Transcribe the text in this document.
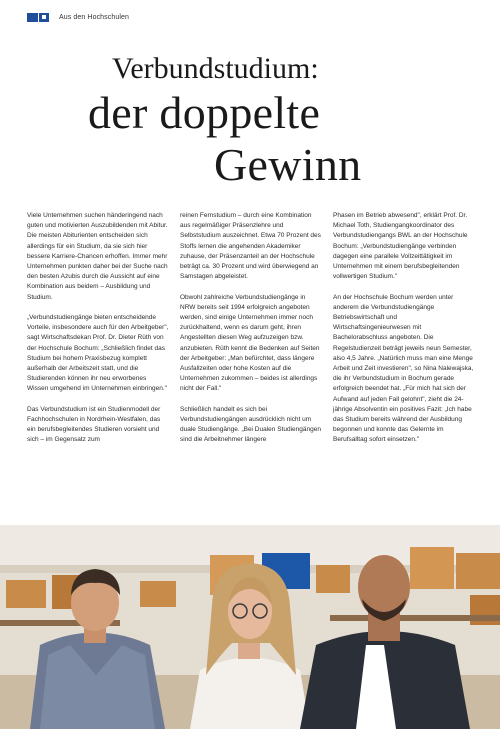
Aus den Hochschulen
Verbundstudium:
der doppelte
Gewinn

Viele Unternehmen suchen händeringend nach guten und motivierten Auszubildenden mit Abitur. Die meisten Abiturienten entscheiden sich allerdings für ein Studium, da sie sich hier bessere Karriere-Chancen erhoffen. Immer mehr Unternehmen punkten daher bei der Suche nach den besten Azubis durch die Aussicht auf eine Kombination aus beidem – Ausbildung und Studium.

„Verbundstudiengänge bieten entscheidende Vorteile, insbesondere auch für den Arbeitgeber", sagt Wirtschaftsdekan Prof. Dr. Dieter Rüth von der Hochschule Bochum: „Schließlich findet das Studium bei hohem Praxisbezug komplett außerhalb der Arbeitszeit statt, und die Studierenden können ihr neu erworbenes Wissen umgehend im Unternehmen einbringen."

Das Verbundstudium ist ein Studienmodell der Fachhochschulen in Nordrhein-Westfalen, das ein berufsbegleitendes Studieren vorsieht und sich – im Gegensatz zum

reinen Fernstudium – durch eine Kombination aus regelmäßiger Präsenzlehre und Selbststudium auszeichnet. Etwa 70 Prozent des Stoffs lernen die angehenden Akademiker zuhause, der Präsenzanteil an der Hochschule beträgt ca. 30 Prozent und wird überwiegend an Samstagen abgeleistet.

Obwohl zahlreiche Verbundstudiengänge in NRW bereits seit 1994 erfolgreich angeboten werden, sind einige Unternehmen immer noch zurückhaltend, wenn es darum geht, ihren Angestellten diesen Weg aufzuzeigen bzw. anzubieten. Rüth kennt die Bedenken auf Seiten der Arbeitgeber: „Man befürchtet, dass längere Ausfallzeiten oder hohe Kosten auf die Unternehmen zukommen – beides ist allerdings nicht der Fall."

Schließlich handelt es sich bei Verbundstudiengängen ausdrücklich nicht um duale Studiengänge. „Bei Dualen Studiengängen sind die Arbeitnehmer längere

Phasen im Betrieb abwesend", erklärt Prof. Dr. Michael Toth, Studiengangkoordinator des Verbundstudiengangs BWL an der Hochschule Bochum: „Verbundstudiengänge verbinden dagegen eine parallele Vollzeittätigkeit im Unternehmen mit einem berufsbegleitenden vollwertigen Studium."

An der Hochschule Bochum werden unter anderem die Verbundstudiengänge Betriebswirtschaft und Wirtschaftsingenieurwesen mit Bachelorabschluss angeboten. Die Regelstudienzeit beträgt jeweils neun Semester, also 4,5 Jahre. „Natürlich muss man eine Menge Arbeit und Zeit investieren", so Nina Nalewajska, die ihr Verbundstudium in Bochum gerade erfolgreich beendet hat. „Für mich hat sich der Aufwand auf jeden Fall gelohnt", zieht die 24-jährige Absolventin ein positives Fazit: „Ich habe das Studium bereits während der Ausbildung begonnen und konnte das Gelernte im Berufsalltag sofort einsetzen."
